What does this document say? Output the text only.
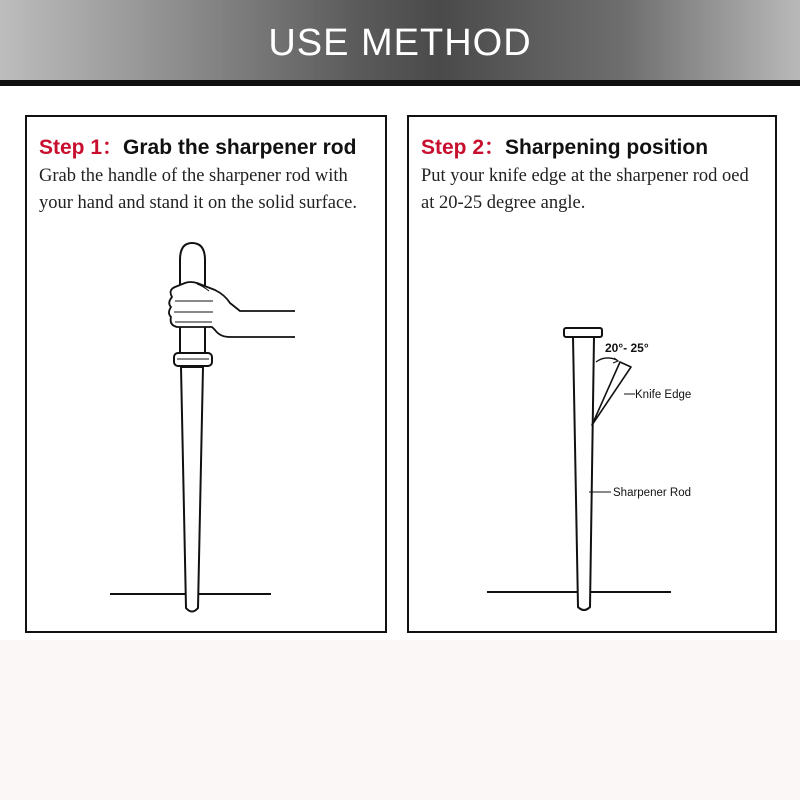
USE METHOD
Step 1：Grab the sharpener rod
Grab the handle of the sharpener rod with your hand and stand it on the solid surface.
Step 2：Sharpening position
Put your knife edge at the sharpener rod oed at 20-25 degree angle.
20°- 25°
Knife Edge
Sharpener Rod
